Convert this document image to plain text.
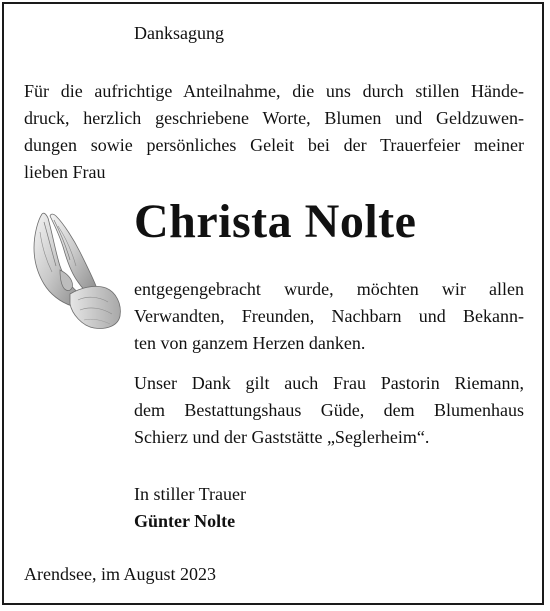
Danksagung
Für die aufrichtige Anteilnahme, die uns durch stillen Hände-
druck, herzlich geschriebene Worte, Blumen und Geldzuwen-
dungen sowie persönliches Geleit bei der Trauerfeier meiner
lieben Frau
Christa Nolte
entgegengebracht wurde, möchten wir allen
Verwandten, Freunden, Nachbarn und Bekann-
ten von ganzem Herzen danken.
Unser Dank gilt auch Frau Pastorin Riemann,
dem Bestattungshaus Güde, dem Blumenhaus
Schierz und der Gaststätte „Seglerheim“.
In stiller Trauer
Günter Nolte
Arendsee, im August 2023
